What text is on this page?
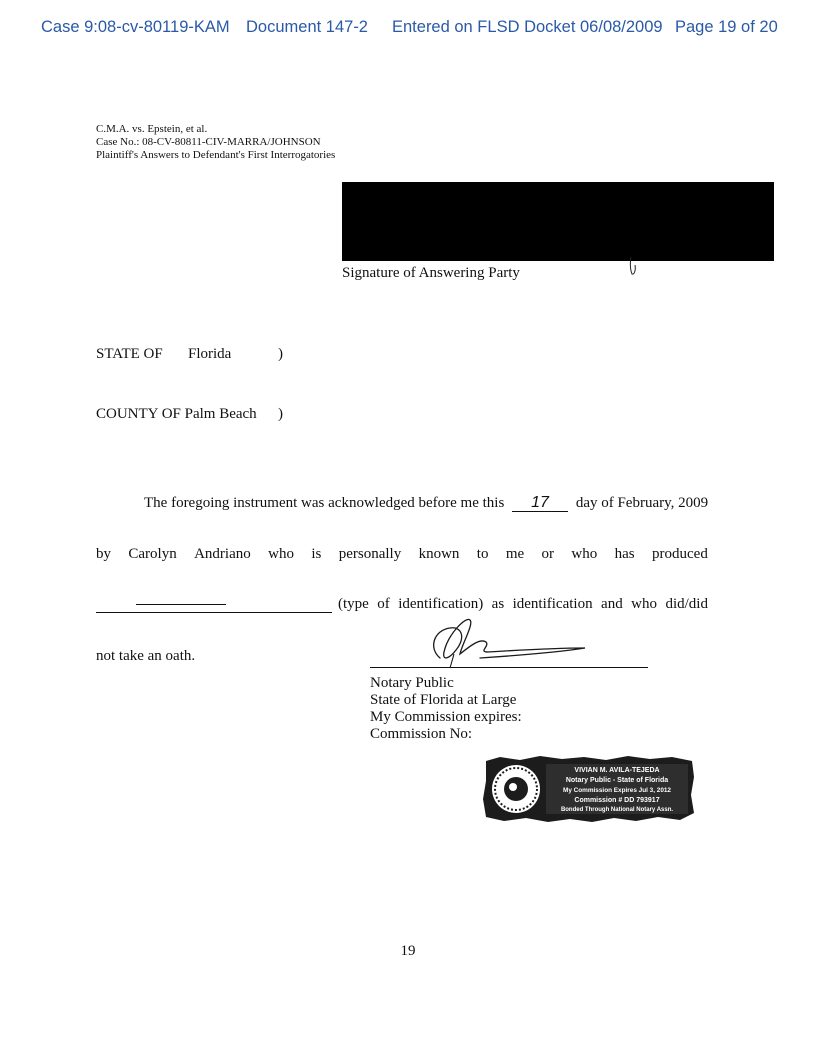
Case 9:08-cv-80119-KAM Document 147-2 Entered on FLSD Docket 06/08/2009 Page 19 of 20
C.M.A. vs. Epstein, et al.
Case No.: 08-CV-80811-CIV-MARRA/JOHNSON
Plaintiff's Answers to Defendant's First Interrogatories
Signature of Answering Party
STATE OF Florida	)
COUNTY OF Palm Beach )
The foregoing instrument was acknowledged before me this 17 day of February, 2009
by Carolyn Andriano who is personally known to me or who has produced
(type of identification) as identification and who did/did
not take an oath.
Notary Public
State of Florida at Large
My Commission expires:
Commission No:
VIVIAN M. AVILA-TEJEDA
Notary Public - State of Florida
My Commission Expires Jul 3, 2012
Commission # DD 793917
Bonded Through National Notary Assn.
19
